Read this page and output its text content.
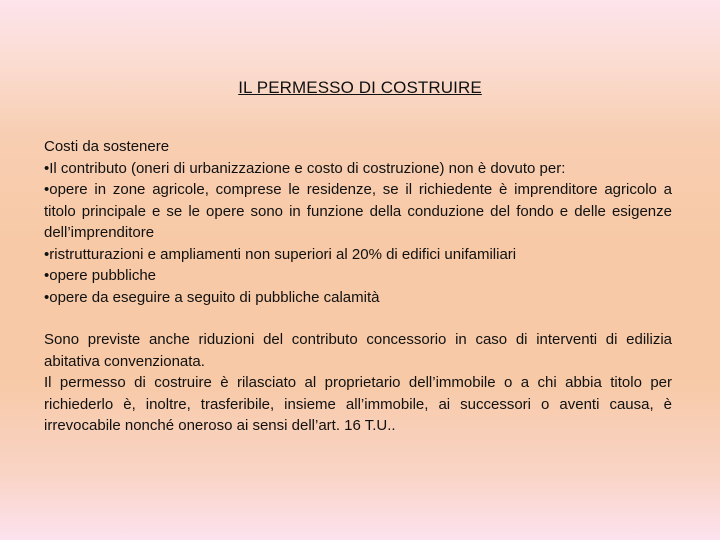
IL PERMESSO DI COSTRUIRE

Costi da sostenere

•Il contributo (oneri di urbanizzazione e costo di costruzione) non è dovuto per:

•opere in zone agricole, comprese le residenze, se il richiedente è imprenditore agricolo a titolo principale e se le opere sono in funzione della conduzione del fondo e delle esigenze dell’imprenditore

•ristrutturazioni e ampliamenti non superiori al 20% di edifici unifamiliari

•opere pubbliche

•opere da eseguire a seguito di pubbliche calamità

Sono previste anche riduzioni del contributo concessorio in caso di interventi di edilizia abitativa convenzionata.

Il permesso di costruire è rilasciato al proprietario dell’immobile o a chi abbia titolo per richiederlo è, inoltre, trasferibile, insieme all’immobile, ai successori o aventi causa, è irrevocabile nonché oneroso ai sensi dell’art. 16 T.U..
